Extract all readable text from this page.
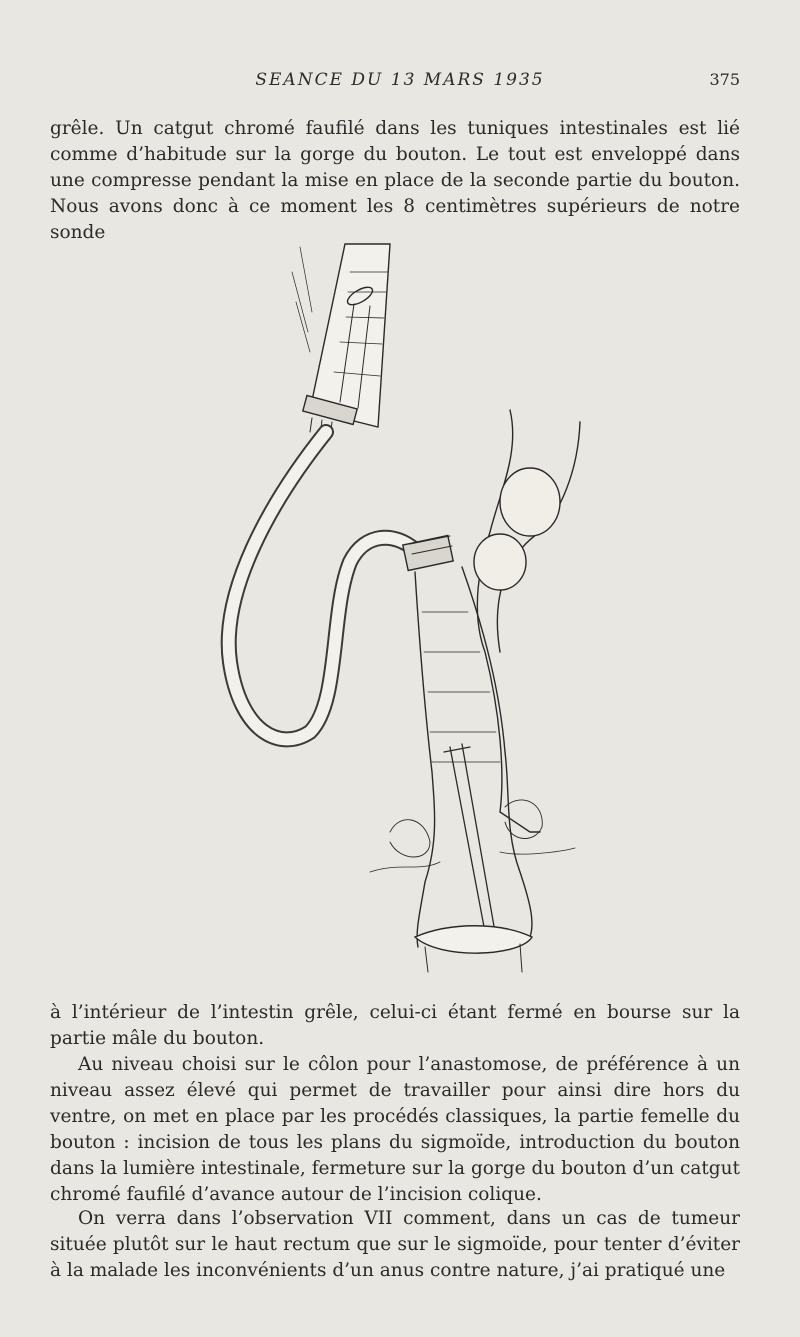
SEANCE DU 13 MARS 1935	375
grêle. Un catgut chromé faufilé dans les tuniques intestinales est lié comme d’habitude sur la gorge du bouton. Le tout est enveloppé dans une compresse pendant la mise en place de la seconde partie du bouton. Nous avons donc à ce moment les 8 centimètres supérieurs de notre sonde
à l’intérieur de l’intestin grêle, celui-ci étant fermé en bourse sur la partie mâle du bouton.
Au niveau choisi sur le côlon pour l’anastomose, de préférence à un niveau assez élevé qui permet de travailler pour ainsi dire hors du ventre, on met en place par les procédés classiques, la partie femelle du bouton : incision de tous les plans du sigmoïde, introduction du bouton dans la lumière intestinale, fermeture sur la gorge du bouton d’un catgut chromé faufilé d’avance autour de l’incision colique.
On verra dans l’observation VII comment, dans un cas de tumeur située plutôt sur le haut rectum que sur le sigmoïde, pour tenter d’éviter à la malade les inconvénients d’un anus contre nature, j’ai pratiqué une
